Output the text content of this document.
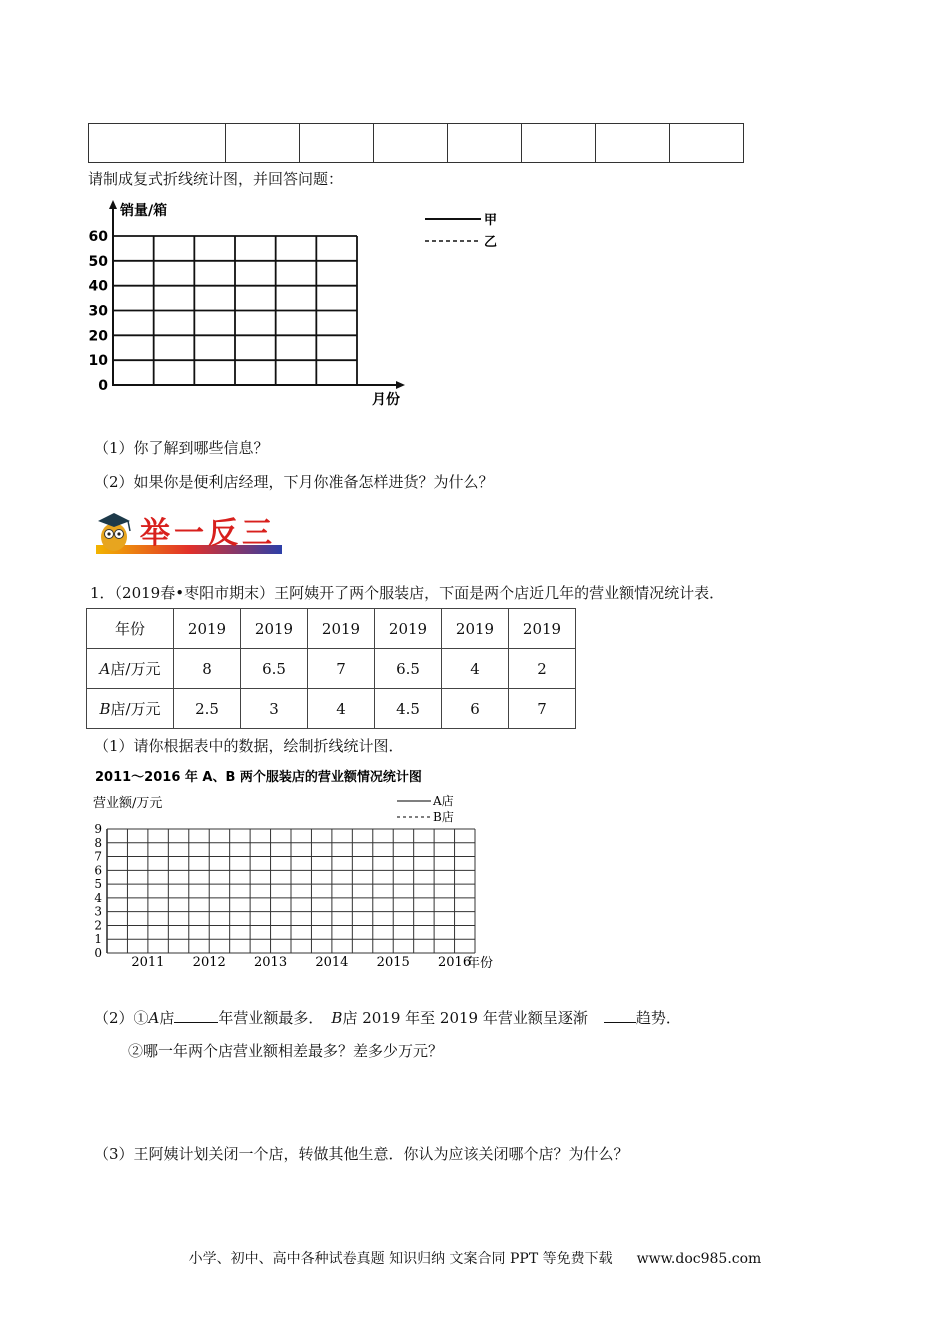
请制成复式折线统计图，并回答问题：
0
10
20
30
40
50
60
销量/箱
月份
甲
乙
（1）你了解到哪些信息？
（2）如果你是便利店经理，下月你准备怎样进货？为什么？
举一反三
1．（2019春•枣阳市期末）王阿姨开了两个服装店，下面是两个店近几年的营业额情况统计表．
年份	2019	2019	2019	2019	2019	2019
A店/万元	8	6.5	7	6.5	4	2
B店/万元	2.5	3	4	4.5	6	7
（1）请你根据表中的数据，绘制折线统计图．
2011～2016 年 A、B 两个服装店的营业额情况统计图
营业额/万元	A店
B店
0
1
2
3
4
5
6
7
8
9
2011 2012 2013 2014 2015 2016
年份
（2）①A店	年营业额最多． B店 2019 年至 2019 年营业额呈逐渐	趋势．
②哪一年两个店营业额相差最多？差多少万元？
（3）王阿姨计划关闭一个店，转做其他生意．你认为应该关闭哪个店？为什么？
小学、初中、高中各种试卷真题 知识归纳 文案合同 PPT 等免费下载 www.doc985.com
